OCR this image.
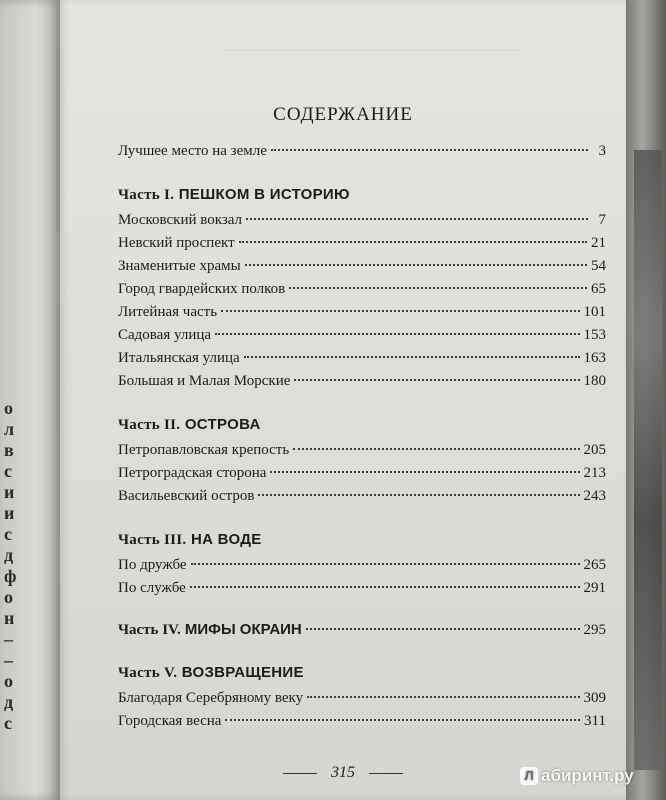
о
л
в
с
и
и
с
д
ф
о
н
–
–
о
д
с
СОДЕРЖАНИЕ
Лучшее место на земле	3
Часть I. ПЕШКОМ В ИСТОРИЮ
Московский вокзал	7
Невский проспект	21
Знаменитые храмы	54
Город гвардейских полков	65
Литейная часть	101
Садовая улица	153
Итальянская улица	163
Большая и Малая Морские	180
Часть II. ОСТРОВА
Петропавловская крепость	205
Петроградская сторона	213
Васильевский остров	243
Часть III. НА ВОДЕ
По дружбе	265
По службе	291
Часть IV. МИФЫ ОКРАИН	295
Часть V. ВОЗВРАЩЕНИЕ
Благодаря Серебряному веку	309
Городская весна	311
315	Л абиринт.ру
